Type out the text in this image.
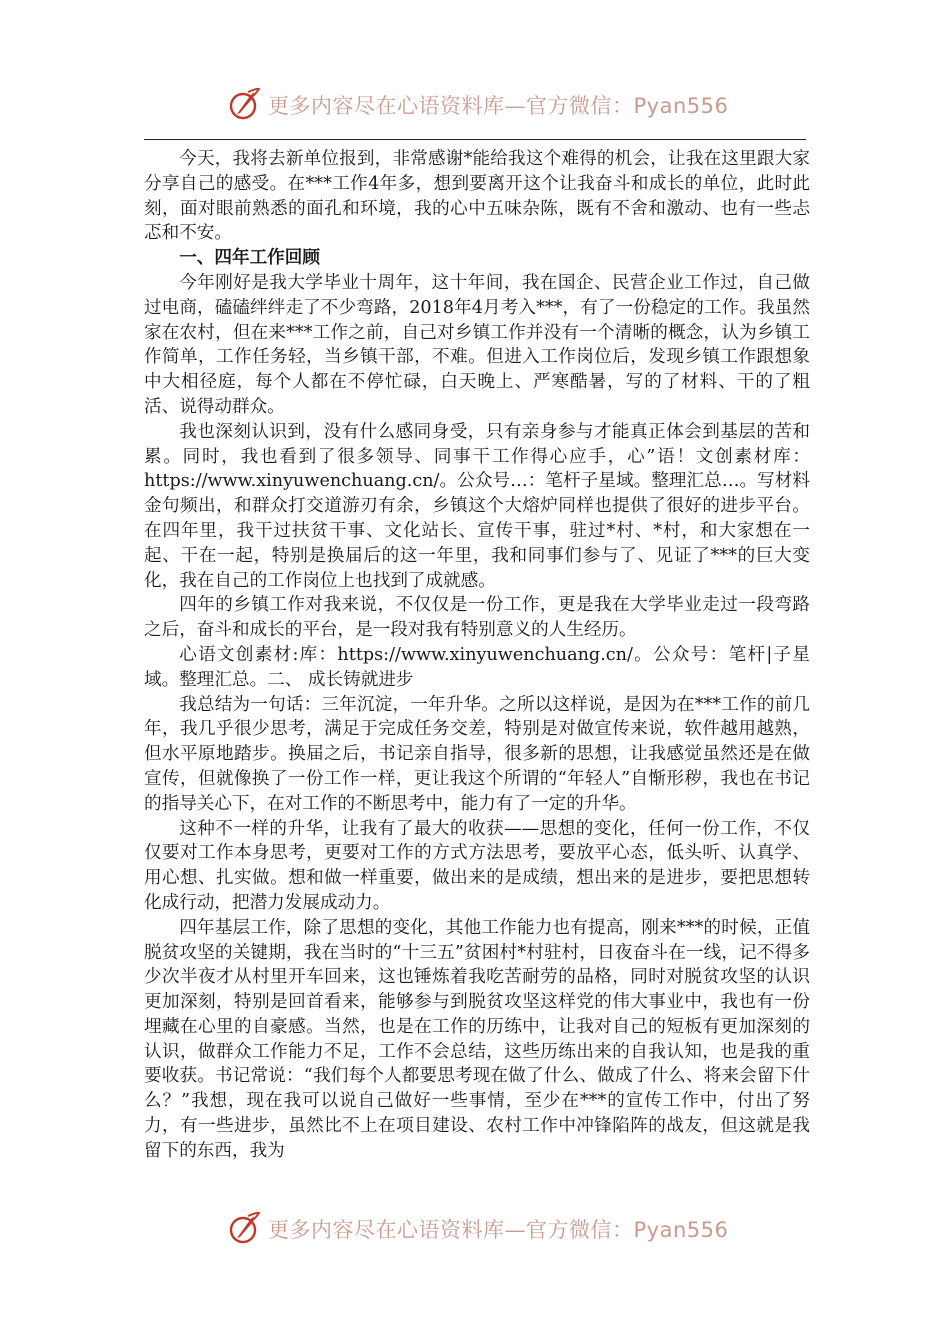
更多内容尽在心语资料库—官方微信：Pyan556

今天，我将去新单位报到，非常感谢*能给我这个难得的机会，让我在这里跟大家分享自己的感受。在***工作4年多，想到要离开这个让我奋斗和成长的单位，此时此刻，面对眼前熟悉的面孔和环境，我的心中五味杂陈，既有不舍和激动、也有一些忐忑和不安。

一、四年工作回顾

今年刚好是我大学毕业十周年，这十年间，我在国企、民营企业工作过，自己做过电商，磕磕绊绊走了不少弯路，2018年4月考入***，有了一份稳定的工作。我虽然家在农村，但在来***工作之前，自己对乡镇工作并没有一个清晰的概念，认为乡镇工作简单，工作任务轻，当乡镇干部，不难。但进入工作岗位后，发现乡镇工作跟想象中大相径庭，每个人都在不停忙碌，白天晚上、严寒酷暑，写的了材料、干的了粗活、说得动群众。

我也深刻认识到，没有什么感同身受，只有亲身参与才能真正体会到基层的苦和累。同时，我也看到了很多领导、同事干工作得心应手，心”语！文创素材库：https://www.xinyuwenchuang.cn/。公众号…：笔杆子星域。整理汇总…。写材料金句频出，和群众打交道游刃有余，乡镇这个大熔炉同样也提供了很好的进步平台。在四年里，我干过扶贫干事、文化站长、宣传干事，驻过*村、*村，和大家想在一起、干在一起，特别是换届后的这一年里，我和同事们参与了、见证了***的巨大变化，我在自己的工作岗位上也找到了成就感。

四年的乡镇工作对我来说，不仅仅是一份工作，更是我在大学毕业走过一段弯路之后，奋斗和成长的平台，是一段对我有特别意义的人生经历。

心语文创素材:库：https://www.xinyuwenchuang.cn/。公众号：笔杆|子星域。整理汇总。二、 成长铸就进步

我总结为一句话：三年沉淀，一年升华。之所以这样说，是因为在***工作的前几年，我几乎很少思考，满足于完成任务交差，特别是对做宣传来说，软件越用越熟，但水平原地踏步。换届之后，书记亲自指导，很多新的思想，让我感觉虽然还是在做宣传，但就像换了一份工作一样，更让我这个所谓的“年轻人”自惭形秽，我也在书记的指导关心下，在对工作的不断思考中，能力有了一定的升华。

这种不一样的升华，让我有了最大的收获——思想的变化，任何一份工作，不仅仅要对工作本身思考，更要对工作的方式方法思考，要放平心态，低头听、认真学、用心想、扎实做。想和做一样重要，做出来的是成绩，想出来的是进步，要把思想转化成行动，把潜力发展成动力。

四年基层工作，除了思想的变化，其他工作能力也有提高，刚来***的时候，正值脱贫攻坚的关键期，我在当时的“十三五”贫困村*村驻村，日夜奋斗在一线，记不得多少次半夜才从村里开车回来，这也锤炼着我吃苦耐劳的品格，同时对脱贫攻坚的认识更加深刻，特别是回首看来，能够参与到脱贫攻坚这样党的伟大事业中，我也有一份埋藏在心里的自豪感。当然，也是在工作的历练中，让我对自己的短板有更加深刻的认识，做群众工作能力不足，工作不会总结，这些历练出来的自我认知，也是我的重要收获。书记常说：“我们每个人都要思考现在做了什么、做成了什么、将来会留下什么？”我想，现在我可以说自己做好一些事情，至少在***的宣传工作中，付出了努力，有一些进步，虽然比不上在项目建设、农村工作中冲锋陷阵的战友，但这就是我留下的东西，我为

更多内容尽在心语资料库—官方微信：Pyan556
